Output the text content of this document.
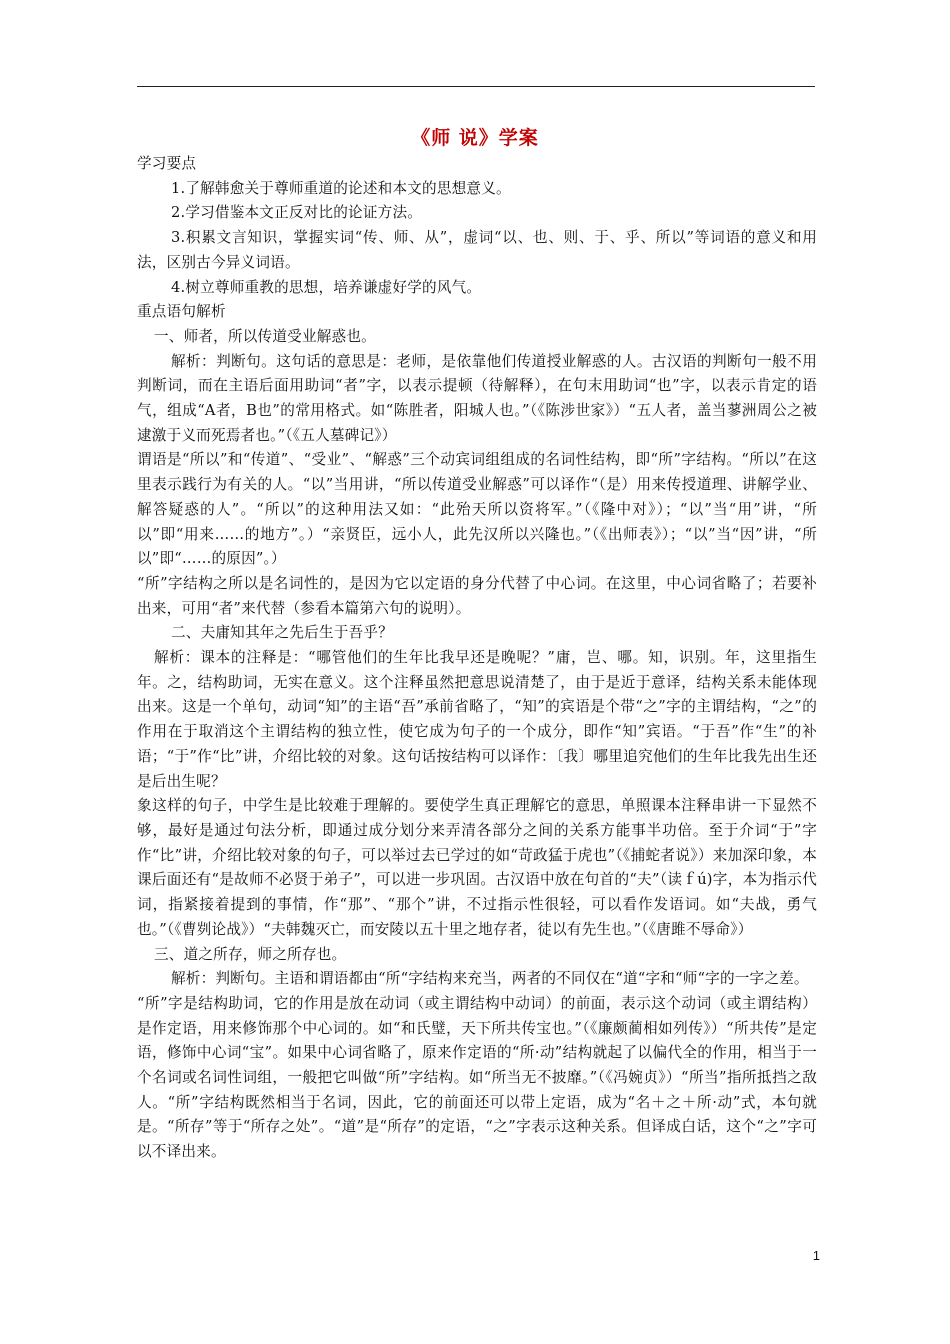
《师 说》学案

学习要点

1.了解韩愈关于尊师重道的论述和本文的思想意义。

2.学习借鉴本文正反对比的论证方法。

3.积累文言知识，掌握实词“传、师、从”，虚词“以、也、则、于、乎、所以”等词语的意义和用法，区别古今异义词语。

4.树立尊师重教的思想，培养谦虚好学的风气。

重点语句解析

一、师者，所以传道受业解惑也。

解析：判断句。这句话的意思是：老师，是依靠他们传道授业解惑的人。古汉语的判断句一般不用判断词，而在主语后面用助词“者”字，以表示提顿（待解释），在句末用助词“也”字，以表示肯定的语气，组成“A者，B也”的常用格式。如“陈胜者，阳城人也。”（《陈涉世家》）“五人者，盖当蓼洲周公之被逮激于义而死焉者也。”（《五人墓碑记》）

谓语是“所以”和“传道”、“受业”、“解惑”三个动宾词组组成的名词性结构，即“所”字结构。“所以”在这里表示践行为有关的人。“以”当用讲，“所以传道受业解惑”可以译作“（是）用来传授道理、讲解学业、解答疑惑的人”。“所以”的这种用法又如：“此殆天所以资将军。”（《隆中对》）；“以”当“用”讲，“所以”即“用来……的地方”。）“亲贤臣，远小人，此先汉所以兴隆也。”（《出师表》）；“以”当“因”讲，“所以”即“……的原因”。）

“所”字结构之所以是名词性的，是因为它以定语的身分代替了中心词。在这里，中心词省略了；若要补出来，可用“者”来代替（参看本篇第六句的说明）。

二、夫庸知其年之先后生于吾乎？

解析：课本的注释是：“哪管他们的生年比我早还是晚呢？”庸，岂、哪。知，识别。年，这里指生年。之，结构助词，无实在意义。这个注释虽然把意思说清楚了，由于是近于意译，结构关系未能体现出来。这是一个单句，动词“知”的主语“吾”承前省略了，“知”的宾语是个带“之”字的主谓结构，“之”的作用在于取消这个主谓结构的独立性，使它成为句子的一个成分，即作“知”宾语。“于吾”作“生”的补语；“于”作“比”讲，介绍比较的对象。这句话按结构可以译作：〔我〕哪里追究他们的生年比我先出生还是后出生呢？

象这样的句子，中学生是比较难于理解的。要使学生真正理解它的意思，单照课本注释串讲一下显然不够，最好是通过句法分析，即通过成分划分来弄清各部分之间的关系方能事半功倍。至于介词“于”字作“比”讲，介绍比较对象的句子，可以举过去已学过的如“苛政猛于虎也”（《捕蛇者说》）来加深印象，本课后面还有“是故师不必贤于弟子”，可以进一步巩固。古汉语中放在句首的“夫”（读ｆú)字，本为指示代词，指紧接着提到的事情，作“那”、“那个”讲，不过指示性很轻，可以看作发语词。如“夫战，勇气也。”（《曹刿论战》）“夫韩魏灭亡，而安陵以五十里之地存者，徒以有先生也。”（《唐雎不辱命》）

三、道之所存，师之所存也。

解析：判断句。主语和谓语都由“所“字结构来充当，两者的不同仅在“道“字和“师“字的一字之差。

“所”字是结构助词，它的作用是放在动词（或主谓结构中动词）的前面，表示这个动词（或主谓结构）是作定语，用来修饰那个中心词的。如“和氏璧，天下所共传宝也。”（《廉颇蔺相如列传》）“所共传”是定语，修饰中心词“宝”。如果中心词省略了，原来作定语的“所·动”结构就起了以偏代全的作用，相当于一个名词或名词性词组，一般把它叫做“所”字结构。如“所当无不披靡。”（《冯婉贞》）“所当”指所抵挡之敌人。“所”字结构既然相当于名词，因此，它的前面还可以带上定语，成为“名＋之＋所·动”式，本句就是。“所存”等于“所存之处”。“道”是“所存”的定语，“之”字表示这种关系。但译成白话，这个“之”字可以不译出来。

1
